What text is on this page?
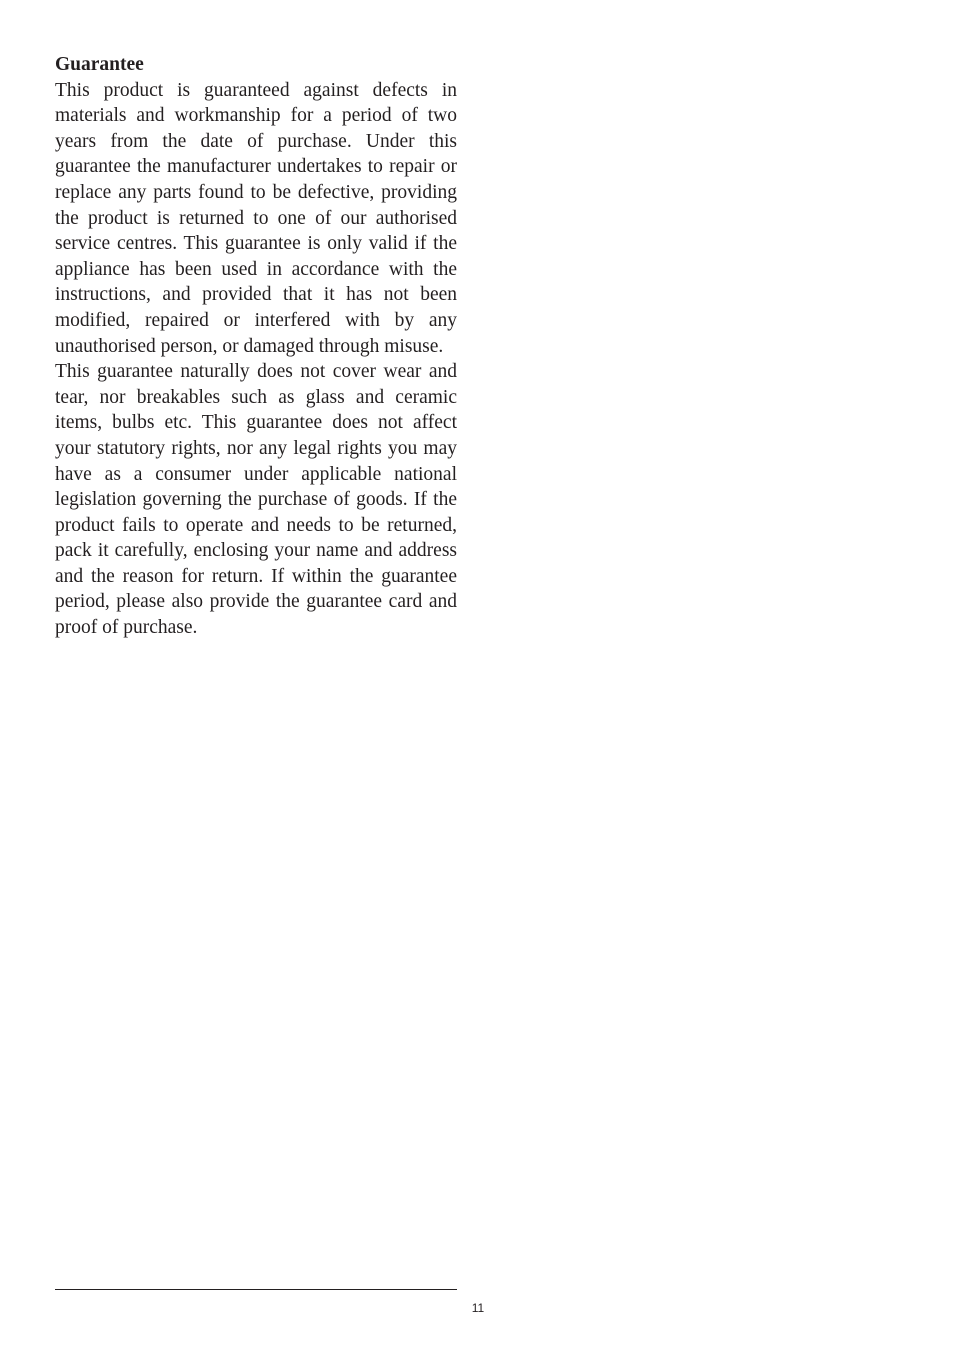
Guarantee

This product is guaranteed against defects in materials and workmanship for a period of two years from the date of purchase. Under this guarantee the manufacturer undertakes to repair or replace any parts found to be defective, providing the product is returned to one of our authorised service centres. This guarantee is only valid if the appliance has been used in accordance with the instructions, and provided that it has not been modified, repaired or interfered with by any unauthorised person, or damaged through misuse.

This guarantee naturally does not cover wear and tear, nor breakables such as glass and ceramic items, bulbs etc. This guarantee does not affect your statutory rights, nor any legal rights you may have as a consumer under applicable national legislation governing the purchase of goods. If the product fails to operate and needs to be returned, pack it carefully, enclosing your name and address and the reason for return. If within the guarantee period, please also provide the guarantee card and proof of purchase.

11
